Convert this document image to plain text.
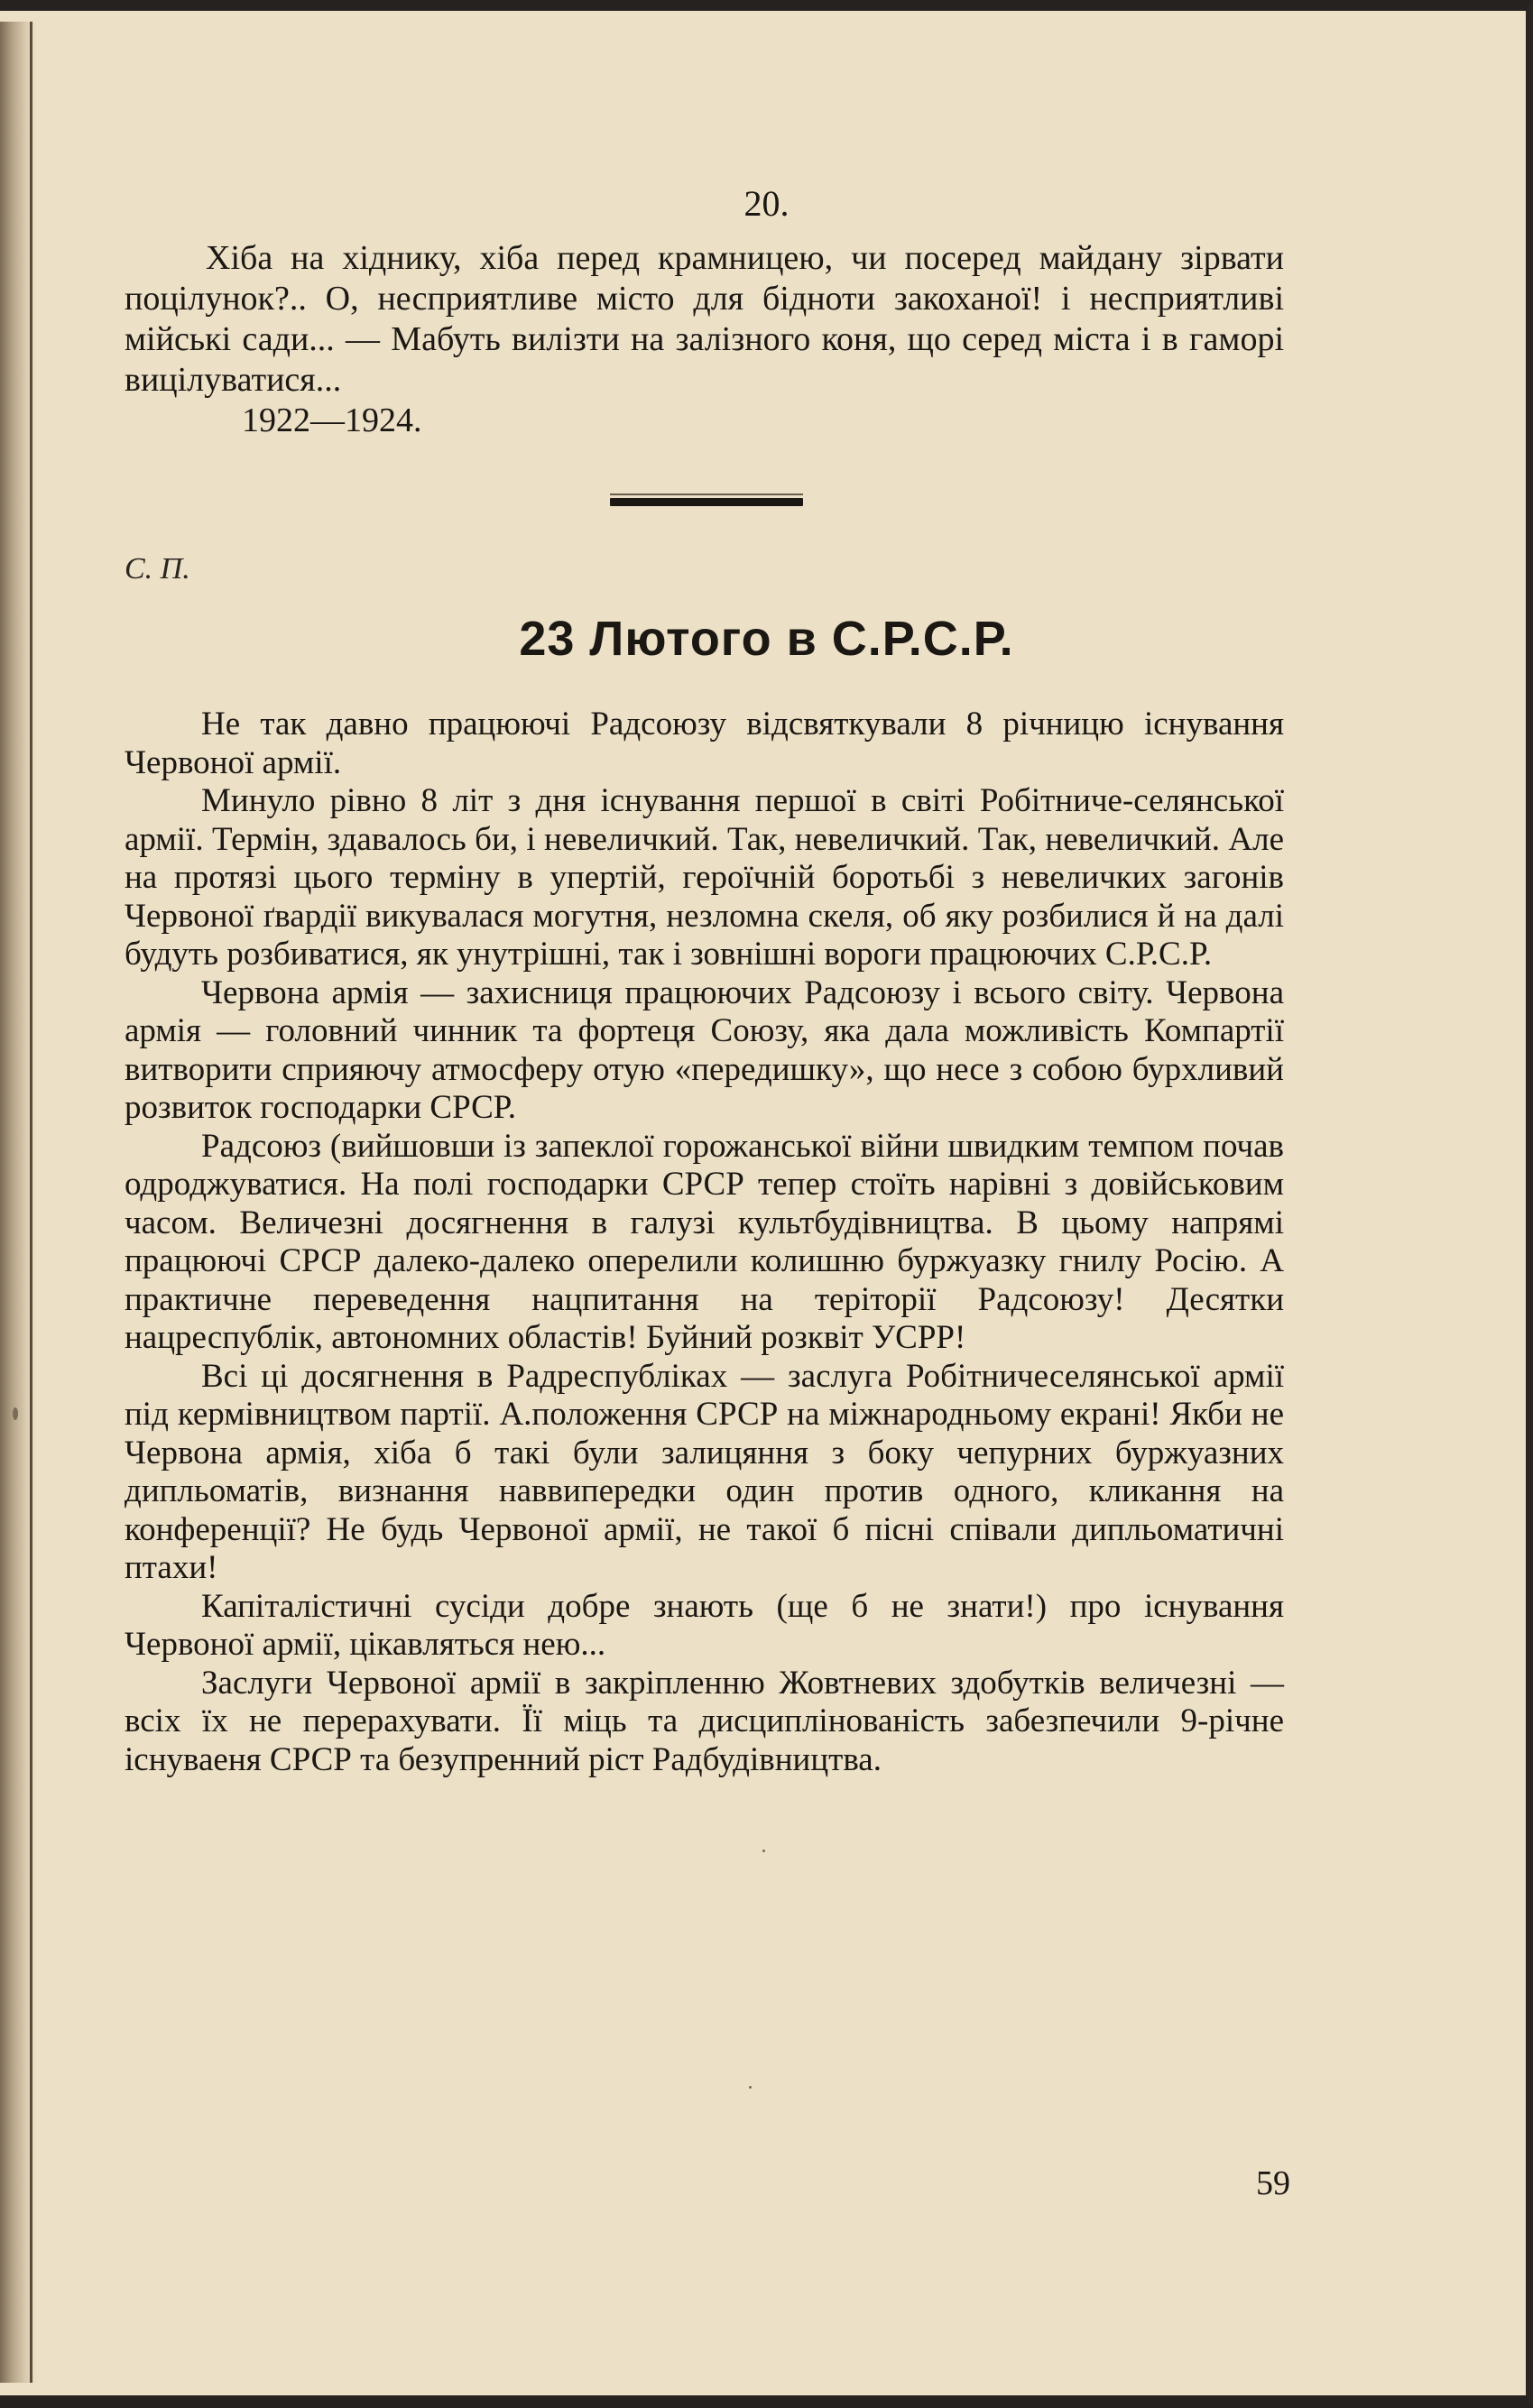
20.

Хіба на хіднику, хіба перед крамницею, чи посеред майдану зірвати поцілунок?.. О, несприятливе місто для бідноти закоханої! і несприятливі мійські сади... — Мабуть вилізти на залізного коня, що серед міста і в гаморі вицілуватися...

1922—1924.

С. П.
23 Лютого в С.Р.С.Р.

Не так давно працюючі Радсоюзу відсвяткували 8 річницю існування Червоної армії.

Минуло рівно 8 літ з дня існування першої в світі Робітниче-селянської армії. Термін, здавалось би, і невеличкий. Так, невеличкий. Так, невеличкий. Але на протязі цього терміну в упертій, героїчній боротьбі з невеличких загонів Червоної ґвардії викувалася могутня, незломна скеля, об яку розбилися й на далі будуть розбиватися, як унутрішні, так і зовнішні вороги працюючих С.Р.С.Р.

Червона армія — захисниця працюючих Радсоюзу і всього світу. Червона армія — головний чинник та фортеця Союзу, яка дала можливість Компартії витворити сприяючу атмосферу отую «передишку», що несе з собою бурхливий розвиток господарки СРСР.

Радсоюз (вийшовши із запеклої горожанської війни швидким темпом почав одроджуватися. На полі господарки СРСР тепер стоїть нарівні з довійськовим часом. Величезні досягнення в галузі культбудівництва. В цьому напрямі працюючі СРСР далеко-далеко оперелили колишню буржуазку гнилу Росію. А практичне переведення нацпитання на теріторії Радсоюзу! Десятки нацреспублік, автономних областів! Буйний розквіт УСРР!

Всі ці досягнення в Радреспубліках — заслуга Робітничеселянської армії під кермівництвом партії. А.положення СРСР на міжнародньому екрані! Якби не Червона армія, хіба б такі були залицяння з боку чепурних буржуазних дипльоматів, визнання наввипередки один против одного, кликання на конференції? Не будь Червоної армії, не такої б пісні співали дипльоматичні птахи!

Капіталістичні сусіди добре знають (ще б не знати!) про існування Червоної армії, цікавляться нею...

Заслуги Червоної армії в закріпленню Жовтневих здобутків величезні — всіх їх не перерахувати. Її міць та дисциплінованість забезпечили 9-річне існуваеня СРСР та безупренний ріст Радбудівництва.

59
